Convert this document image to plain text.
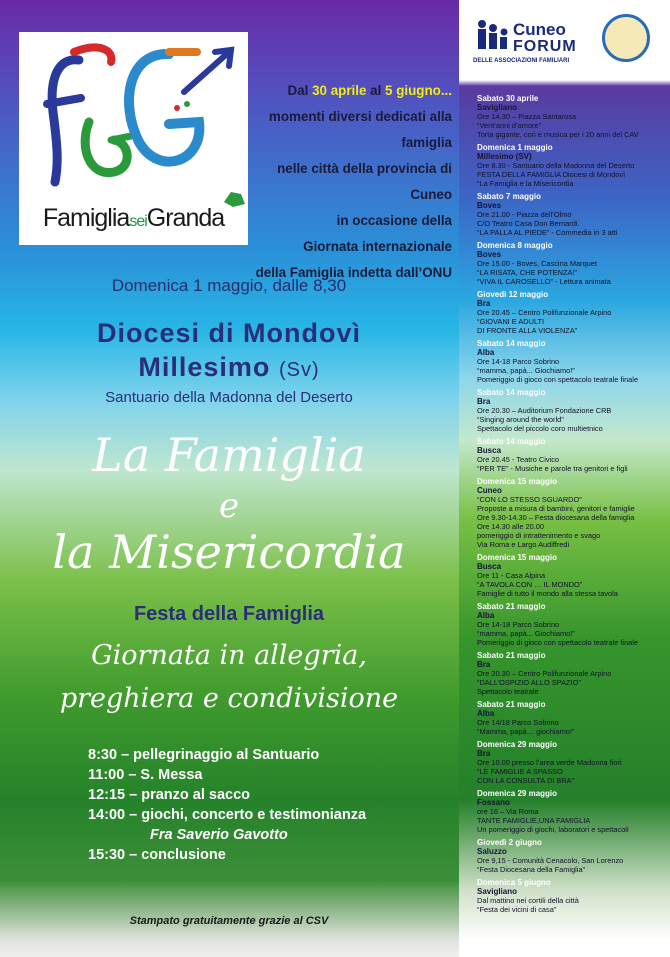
FamigliaseiGranda
Dal 30 aprile al 5 giugno...
momenti diversi dedicati alla famiglia
nelle città della provincia di Cuneo
in occasione della
Giornata internazionale
della Famiglia indetta dall’ONU
Domenica 1 maggio, dalle 8,30
Diocesi di Mondovì
Millesimo (Sv)
Santuario della Madonna del Deserto
La Famiglia
e
la Misericordia
Festa della Famiglia
Giornata in allegria,
preghiera e condivisione
8:30
– pellegrinaggio al Santuario
11:00
– S. Messa
12:15
– pranzo al sacco
14:00
– giochi, concerto e testimonianza
Fra Saverio Gavotto
15:30
– conclusione
Stampato gratuitamente grazie al CSV
Cuneo
FORUM
DELLE ASSOCIAZIONI FAMILIARI
Sabato 30 aprile
Savigliano
Ore 14.30 – Piazza Santarosa
“Vent’anni d’amore”
Torta gigante, cori e musica per i 20 anni del CAV
Domenica 1 maggio
Millesimo (SV)
Ore 8.30 - Santuario della Madonna del Deserto
FESTA DELLA FAMIGLIA Diocesi di Mondovì
“La Famiglia e la Misericordia
Sabato 7 maggio
Boves
Ore 21.00 - Piazza dell’Olmo
C/O Teatro Casa Don Bernardi.
“LA PALLA AL PIEDE” - Commedia in 3 atti
Domenica 8 maggio
Boves
Ore 15.00 - Boves, Cascina Marquet
“LA RISATA, CHE POTENZA!”
“VIVA IL CAROSELLO” - Lettura animata
Giovedì 12 maggio
Bra
Ore 20.45 – Centro Polifunzionale Arpino
“GIOVANI E ADULTI
DI FRONTE ALLA VIOLENZA”
Sabato 14 maggio
Alba
Ore 14-18 Parco Sobrino
“mamma, papà... Giochiamo!”
Pomeriggio di gioco con spettacolo teatrale finale
Sabato 14 maggio
Bra
Ore 20.30 – Auditorium Fondazione CRB
“Singing around the world”
Spettacolo del piccolo coro multietnico
Sabato 14 maggio
Busca
Ore 20.45 - Teatro Civico
“PER TE” - Musiche e parole tra genitori e figli
Domenica 15 maggio
Cuneo
“CON LO STESSO SGUARDO”
Proposte a misura di bambini, genitori e famiglie
Ore 9.30-14.30 – Festa diocesana della famiglia
Ore 14.30 alle 20.00
pomeriggio di intrattenimento e svago
Via Roma e Largo Audiffredi
Domenica 15 maggio
Busca
Ore 11 - Casa Alpina
“A TAVOLA CON … IL MONDO”
Famiglie di tutto il mondo alla stessa tavola
Sabato 21 maggio
Alba
Ore 14-18 Parco Sobrino
“mamma, papà... Giochiamo!”
Pomeriggio di gioco con spettacolo teatrale finale
Sabato 21 maggio
Bra
Ore 20.30 – Centro Polifunzionale Arpino
“DALL’OSPIZIO ALLO SPAZIO”
Spettacolo teatrale
Sabato 21 maggio
Alba
Ore 14/18 Parco Sobrino
“Mamma, papà… giochiamo!”
Domenica 29 maggio
Bra
Ore 10.00 presso l’area verde Madonna fiori
“LE FAMIGLIE A SPASSO
CON LA CONSULTA DI BRA”
Domenica 29 maggio
Fossano
ore 16 – Via Roma
TANTE FAMIGLIE,UNA FAMIGLIA
Un pomeriggio di giochi, laboratori e spettacoli
Giovedì 2 giugno
Saluzzo
Ore 9,15 - Comunità Cenacolo, San Lorenzo
“Festa Diocesana della Famiglia”
Domenica 5 giugno
Savigliano
Dal mattino nei cortili della città
“Festa dei vicini di casa”
